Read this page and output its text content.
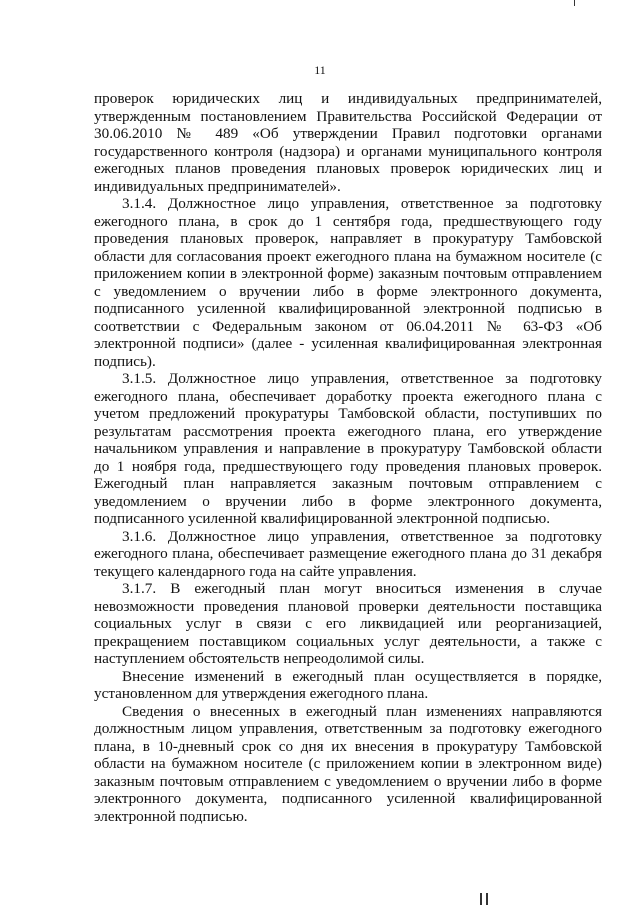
11

проверок юридических лиц и индивидуальных предпринимателей, утвержденным постановлением Правительства Российской Федерации от 30.06.2010 № 489 «Об утверждении Правил подготовки органами государственного контроля (надзора) и органами муниципального контроля ежегодных планов проведения плановых проверок юридических лиц и индивидуальных предпринимателей».

3.1.4. Должностное лицо управления, ответственное за подготовку ежегодного плана, в срок до 1 сентября года, предшествующего году проведения плановых проверок, направляет в прокуратуру Тамбовской области для согласования проект ежегодного плана на бумажном носителе (с приложением копии в электронной форме) заказным почтовым отправлением с уведомлением о вручении либо в форме электронного документа, подписанного усиленной квалифицированной электронной подписью в соответствии с Федеральным законом от 06.04.2011 № 63-ФЗ «Об электронной подписи» (далее - усиленная квалифицированная электронная подпись).

3.1.5. Должностное лицо управления, ответственное за подготовку ежегодного плана, обеспечивает доработку проекта ежегодного плана с учетом предложений прокуратуры Тамбовской области, поступивших по результатам рассмотрения проекта ежегодного плана, его утверждение начальником управления и направление в прокуратуру Тамбовской области до 1 ноября года, предшествующего году проведения плановых проверок. Ежегодный план направляется заказным почтовым отправлением с уведомлением о вручении либо в форме электронного документа, подписанного усиленной квалифицированной электронной подписью.

3.1.6. Должностное лицо управления, ответственное за подготовку ежегодного плана, обеспечивает размещение ежегодного плана до 31 декабря текущего календарного года на сайте управления.

3.1.7. В ежегодный план могут вноситься изменения в случае невозможности проведения плановой проверки деятельности поставщика социальных услуг в связи с его ликвидацией или реорганизацией, прекращением поставщиком социальных услуг деятельности, а также с наступлением обстоятельств непреодолимой силы.

Внесение изменений в ежегодный план осуществляется в порядке, установленном для утверждения ежегодного плана.

Сведения о внесенных в ежегодный план изменениях направляются должностным лицом управления, ответственным за подготовку ежегодного плана, в 10-дневный срок со дня их внесения в прокуратуру Тамбовской области на бумажном носителе (с приложением копии в электронном виде) заказным почтовым отправлением с уведомлением о вручении либо в форме электронного документа, подписанного усиленной квалифицированной электронной подписью.
